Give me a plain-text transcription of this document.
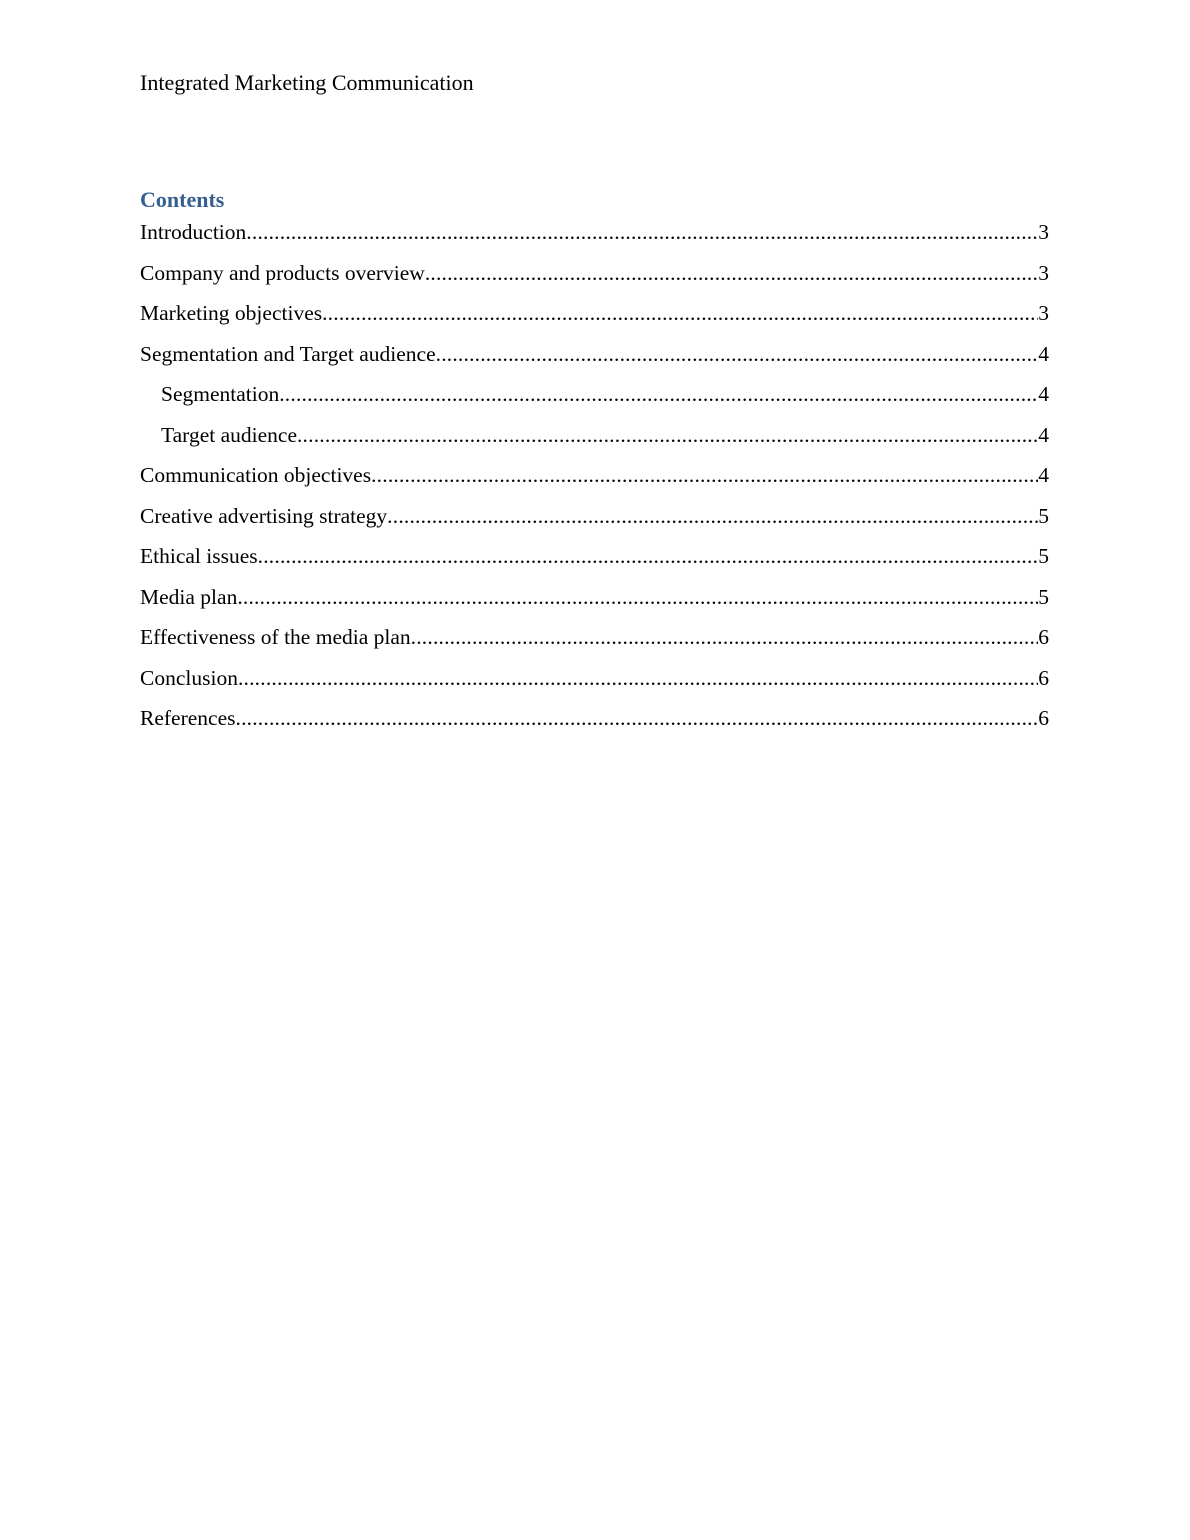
Integrated Marketing Communication
Contents
Introduction .....	3
Company and products overview .....	3
Marketing objectives .....	3
Segmentation and Target audience .....	4
Segmentation .....	4
Target audience .....	4
Communication objectives .....	4
Creative advertising strategy .....	5
Ethical issues .....	5
Media plan .....	5
Effectiveness of the media plan .....	6
Conclusion .....	6
References .....	6
